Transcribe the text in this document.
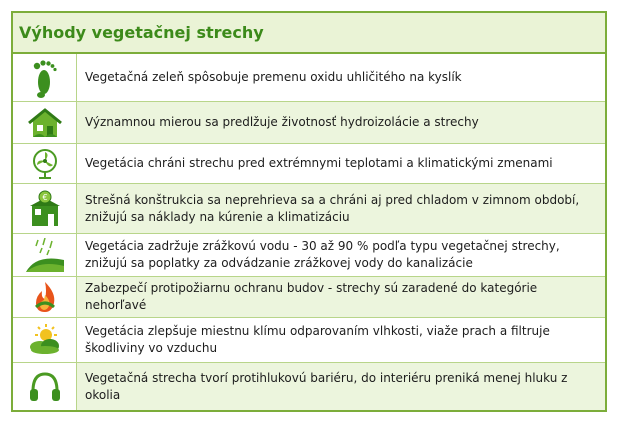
Výhody vegetačnej strechy
Vegetačná zeleň spôsobuje premenu oxidu uhličitého na kyslík
Významnou mierou sa predlžuje životnosť hydroizolácie a strechy
Vegetácia chráni strechu pred extrémnymi teplotami a klimatickými zmenami
€	Strešná konštrukcia sa neprehrieva sa a chráni aj pred chladom v zimnom období, znižujú sa náklady na kúrenie a klimatizáciu
Vegetácia zadržuje zrážkovú vodu - 30 až 90 % podľa typu vegetačnej strechy, znižujú sa poplatky za odvádzanie zrážkovej vody do kanalizácie
Zabezpečí protipožiarnu ochranu budov - strechy sú zaradené do kategórie nehorľavé
Vegetácia zlepšuje miestnu klímu odparovaním vlhkosti, viaže prach a filtruje škodliviny vo vzduchu
Vegetačná strecha tvorí protihlukovú bariéru, do interiéru preniká menej hluku z okolia
